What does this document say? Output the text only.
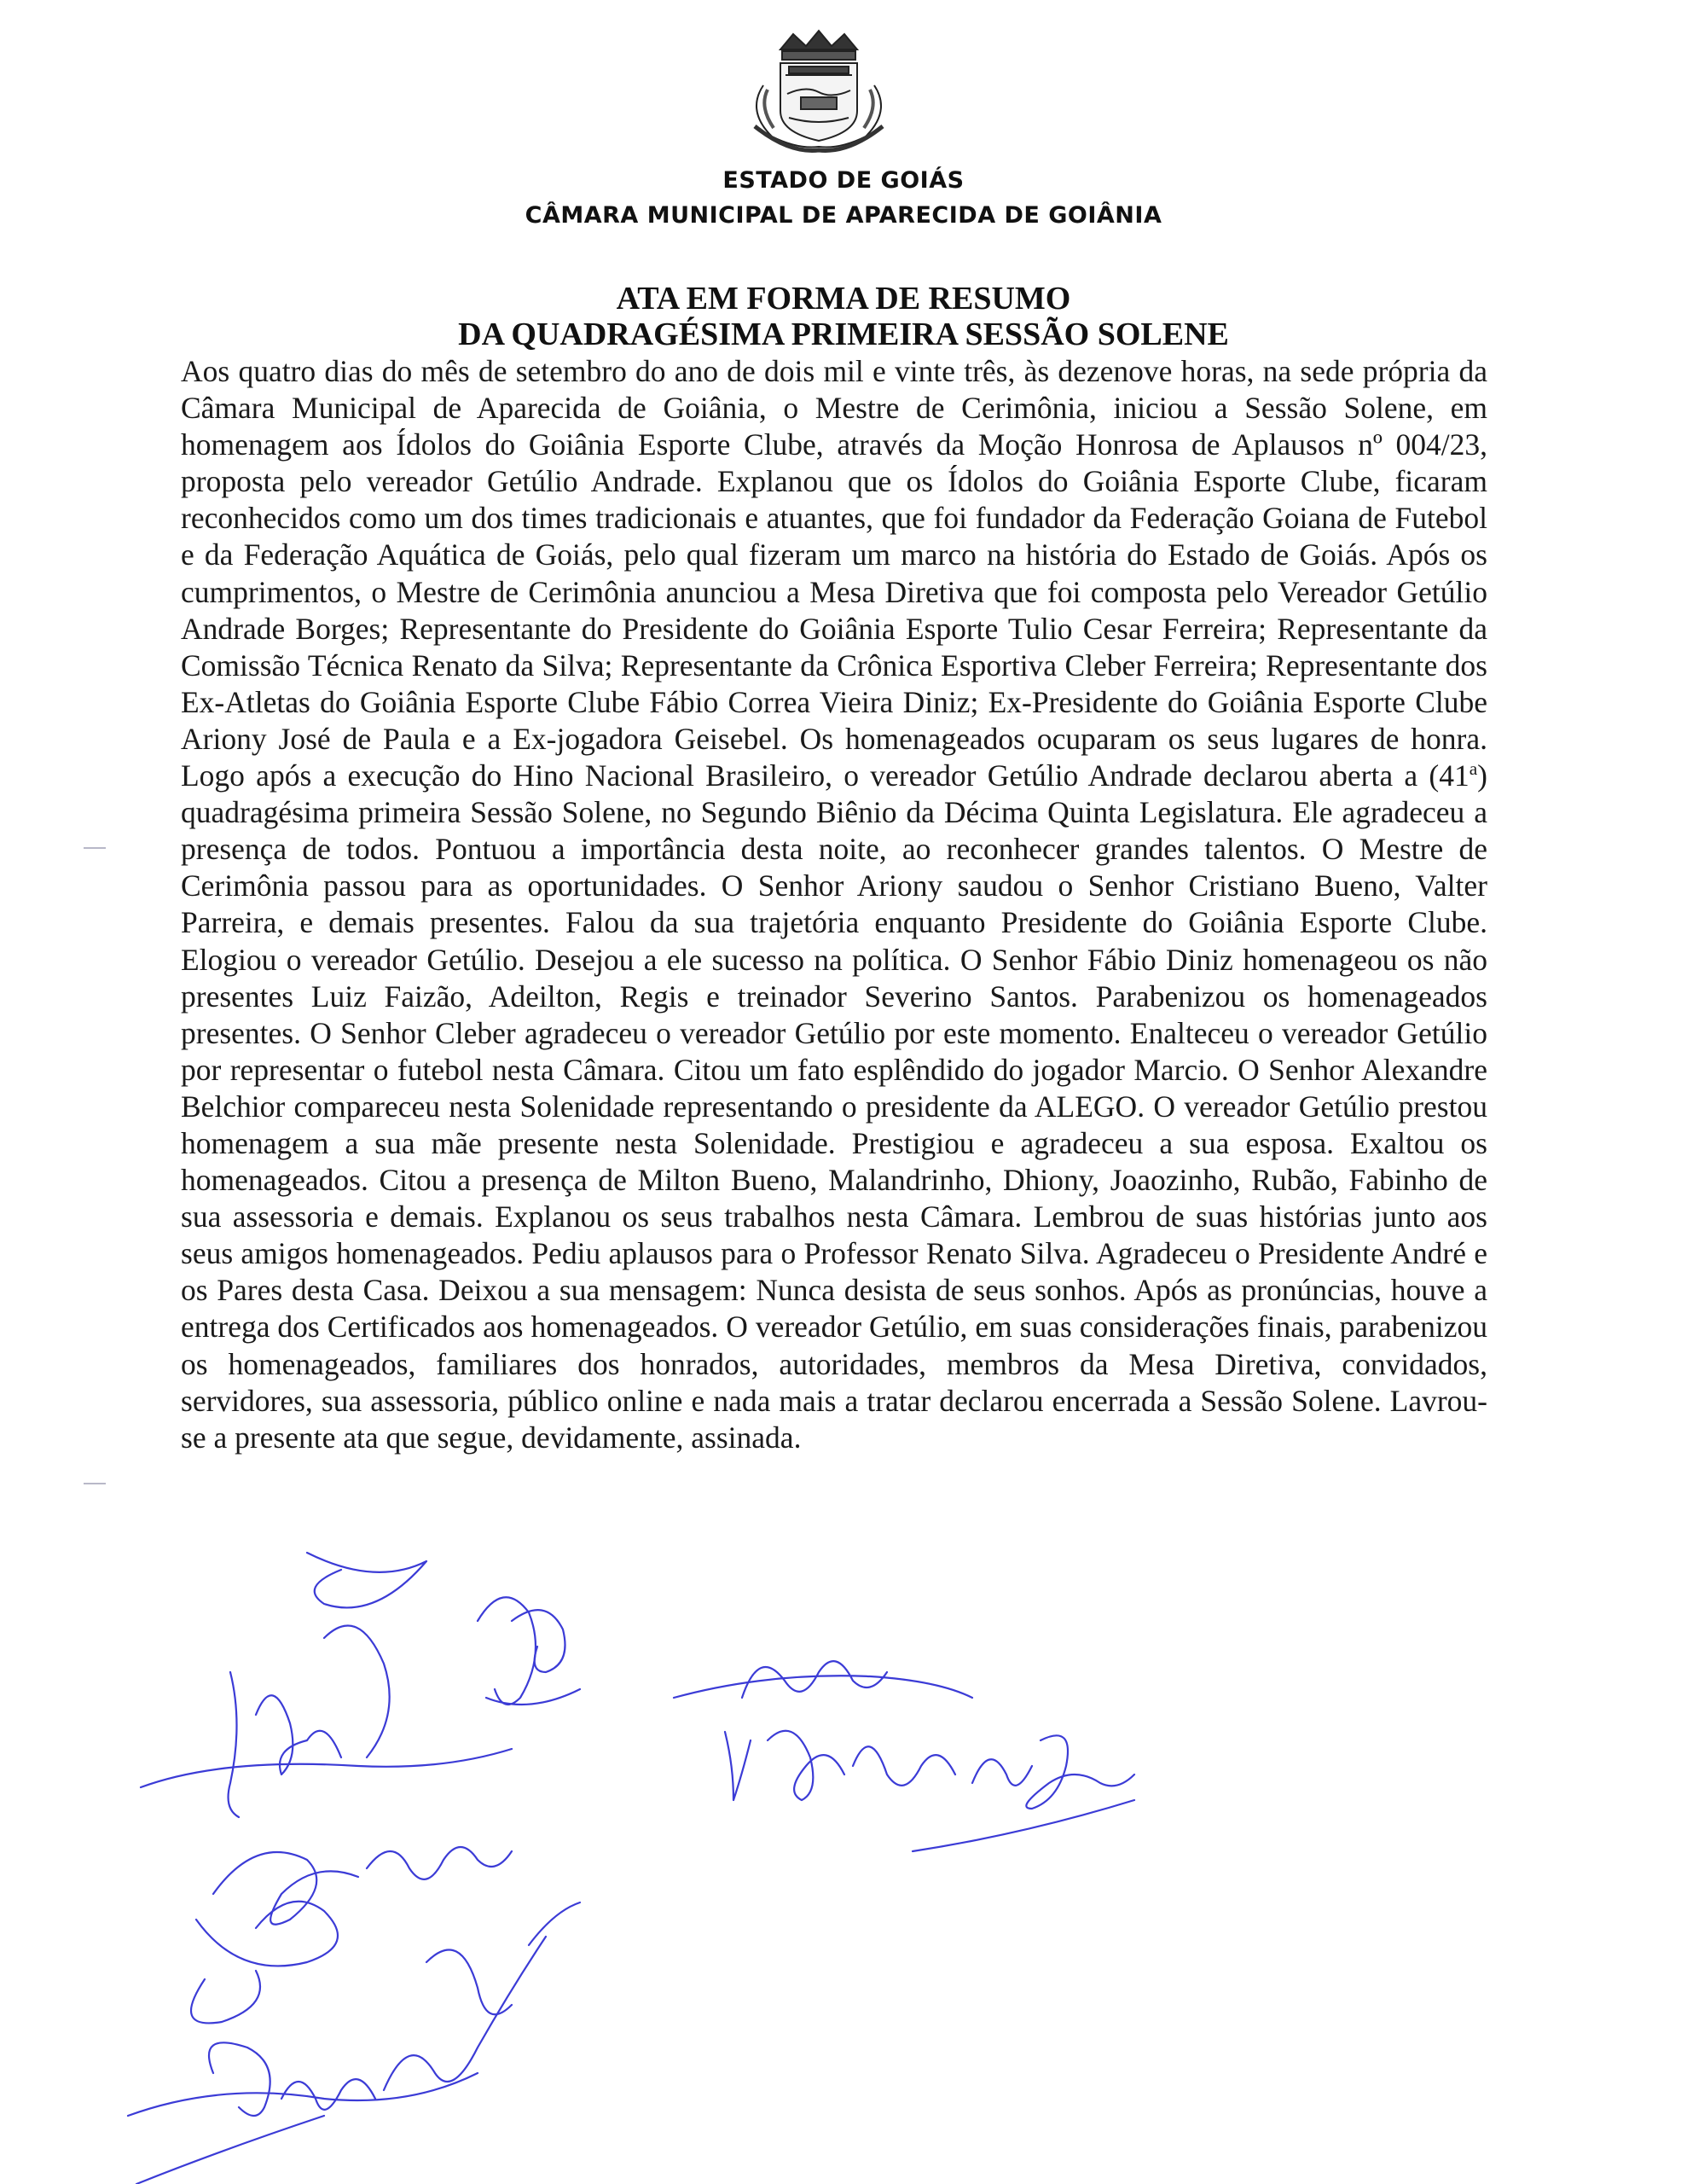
ESTADO DE GOIÁS
CÂMARA MUNICIPAL DE APARECIDA DE GOIÂNIA
ATA EM FORMA DE RESUMO
DA QUADRAGÉSIMA PRIMEIRA SESSÃO SOLENE
Aos quatro dias do mês de setembro do ano de dois mil e vinte três, às dezenove horas, na sede própria da Câmara Municipal de Aparecida de Goiânia, o Mestre de Cerimônia, iniciou a Sessão Solene, em homenagem aos Ídolos do Goiânia Esporte Clube, através da Moção Honrosa de Aplausos nº 004/23, proposta pelo vereador Getúlio Andrade. Explanou que os Ídolos do Goiânia Esporte Clube, ficaram reconhecidos como um dos times tradicionais e atuantes, que foi fundador da Federação Goiana de Futebol e da Federação Aquática de Goiás, pelo qual fizeram um marco na história do Estado de Goiás. Após os cumprimentos, o Mestre de Cerimônia anunciou a Mesa Diretiva que foi composta pelo Vereador Getúlio Andrade Borges; Representante do Presidente do Goiânia Esporte Tulio Cesar Ferreira; Representante da Comissão Técnica Renato da Silva; Representante da Crônica Esportiva Cleber Ferreira; Representante dos Ex-Atletas do Goiânia Esporte Clube Fábio Correa Vieira Diniz; Ex-Presidente do Goiânia Esporte Clube Ariony José de Paula e a Ex-jogadora Geisebel. Os homenageados ocuparam os seus lugares de honra. Logo após a execução do Hino Nacional Brasileiro, o vereador Getúlio Andrade declarou aberta a (41$^a$) quadragésima primeira Sessão Solene, no Segundo Biênio da Décima Quinta Legislatura. Ele agradeceu a presença de todos. Pontuou a importância desta noite, ao reconhecer grandes talentos. O Mestre de Cerimônia passou para as oportunidades. O Senhor Ariony saudou o Senhor Cristiano Bueno, Valter Parreira, e demais presentes. Falou da sua trajetória enquanto Presidente do Goiânia Esporte Clube. Elogiou o vereador Getúlio. Desejou a ele sucesso na política. O Senhor Fábio Diniz homenageou os não presentes Luiz Faizão, Adeilton, Regis e treinador Severino Santos. Parabenizou os homenageados presentes. O Senhor Cleber agradeceu o vereador Getúlio por este momento. Enalteceu o vereador Getúlio por representar o futebol nesta Câmara. Citou um fato esplêndido do jogador Marcio. O Senhor Alexandre Belchior compareceu nesta Solenidade representando o presidente da ALEGO. O vereador Getúlio prestou homenagem a sua mãe presente nesta Solenidade. Prestigiou e agradeceu a sua esposa. Exaltou os homenageados. Citou a presença de Milton Bueno, Malandrinho, Dhiony, Joaozinho, Rubão, Fabinho de sua assessoria e demais. Explanou os seus trabalhos nesta Câmara. Lembrou de suas histórias junto aos seus amigos homenageados. Pediu aplausos para o Professor Renato Silva. Agradeceu o Presidente André e os Pares desta Casa. Deixou a sua mensagem: Nunca desista de seus sonhos. Após as pronúncias, houve a entrega dos Certificados aos homenageados. O vereador Getúlio, em suas considerações finais, parabenizou os homenageados, familiares dos honrados, autoridades, membros da Mesa Diretiva, convidados, servidores, sua assessoria, público online e nada mais a tratar declarou encerrada a Sessão Solene. Lavrou-se a presente ata que segue, devidamente, assinada.
